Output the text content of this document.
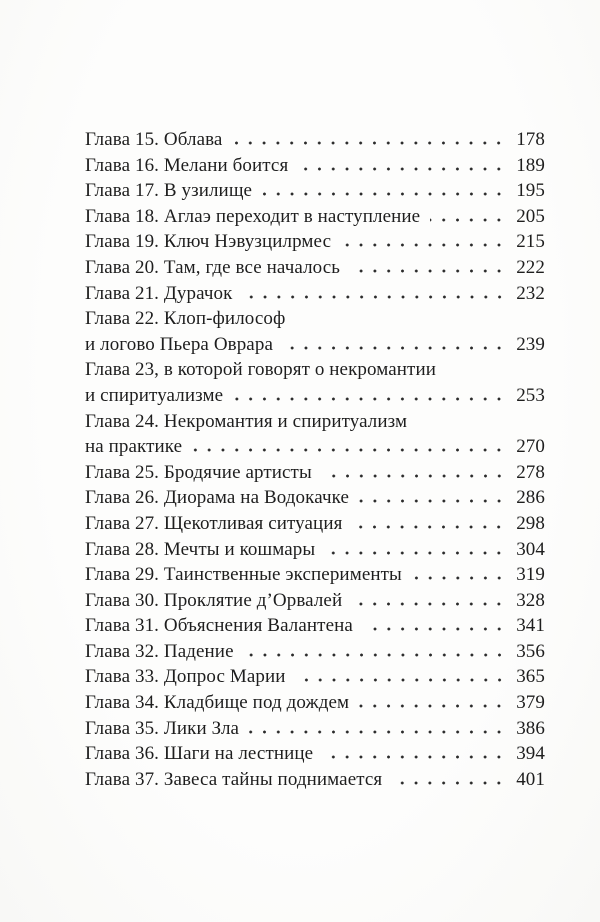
Глава 15. Облава	178
Глава 16. Мелани боится	189
Глава 17. В узилище	195
Глава 18. Аглаэ переходит в наступление	205
Глава 19. Ключ Нэвузцилрмес	215
Глава 20. Там, где все началось	222
Глава 21. Дурачок	232
Глава 22. Клоп-философ
и логово Пьера Оврара	239
Глава 23, в которой говорят о некромантии
и спиритуализме	253
Глава 24. Некромантия и спиритуализм
на практике	270
Глава 25. Бродячие артисты	278
Глава 26. Диорама на Водокачке	286
Глава 27. Щекотливая ситуация	298
Глава 28. Мечты и кошмары	304
Глава 29. Таинственные эксперименты	319
Глава 30. Проклятие д’Орвалей	328
Глава 31. Объяснения Валантена	341
Глава 32. Падение	356
Глава 33. Допрос Марии	365
Глава 34. Кладбище под дождем	379
Глава 35. Лики Зла	386
Глава 36. Шаги на лестнице	394
Глава 37. Завеса тайны поднимается	401
